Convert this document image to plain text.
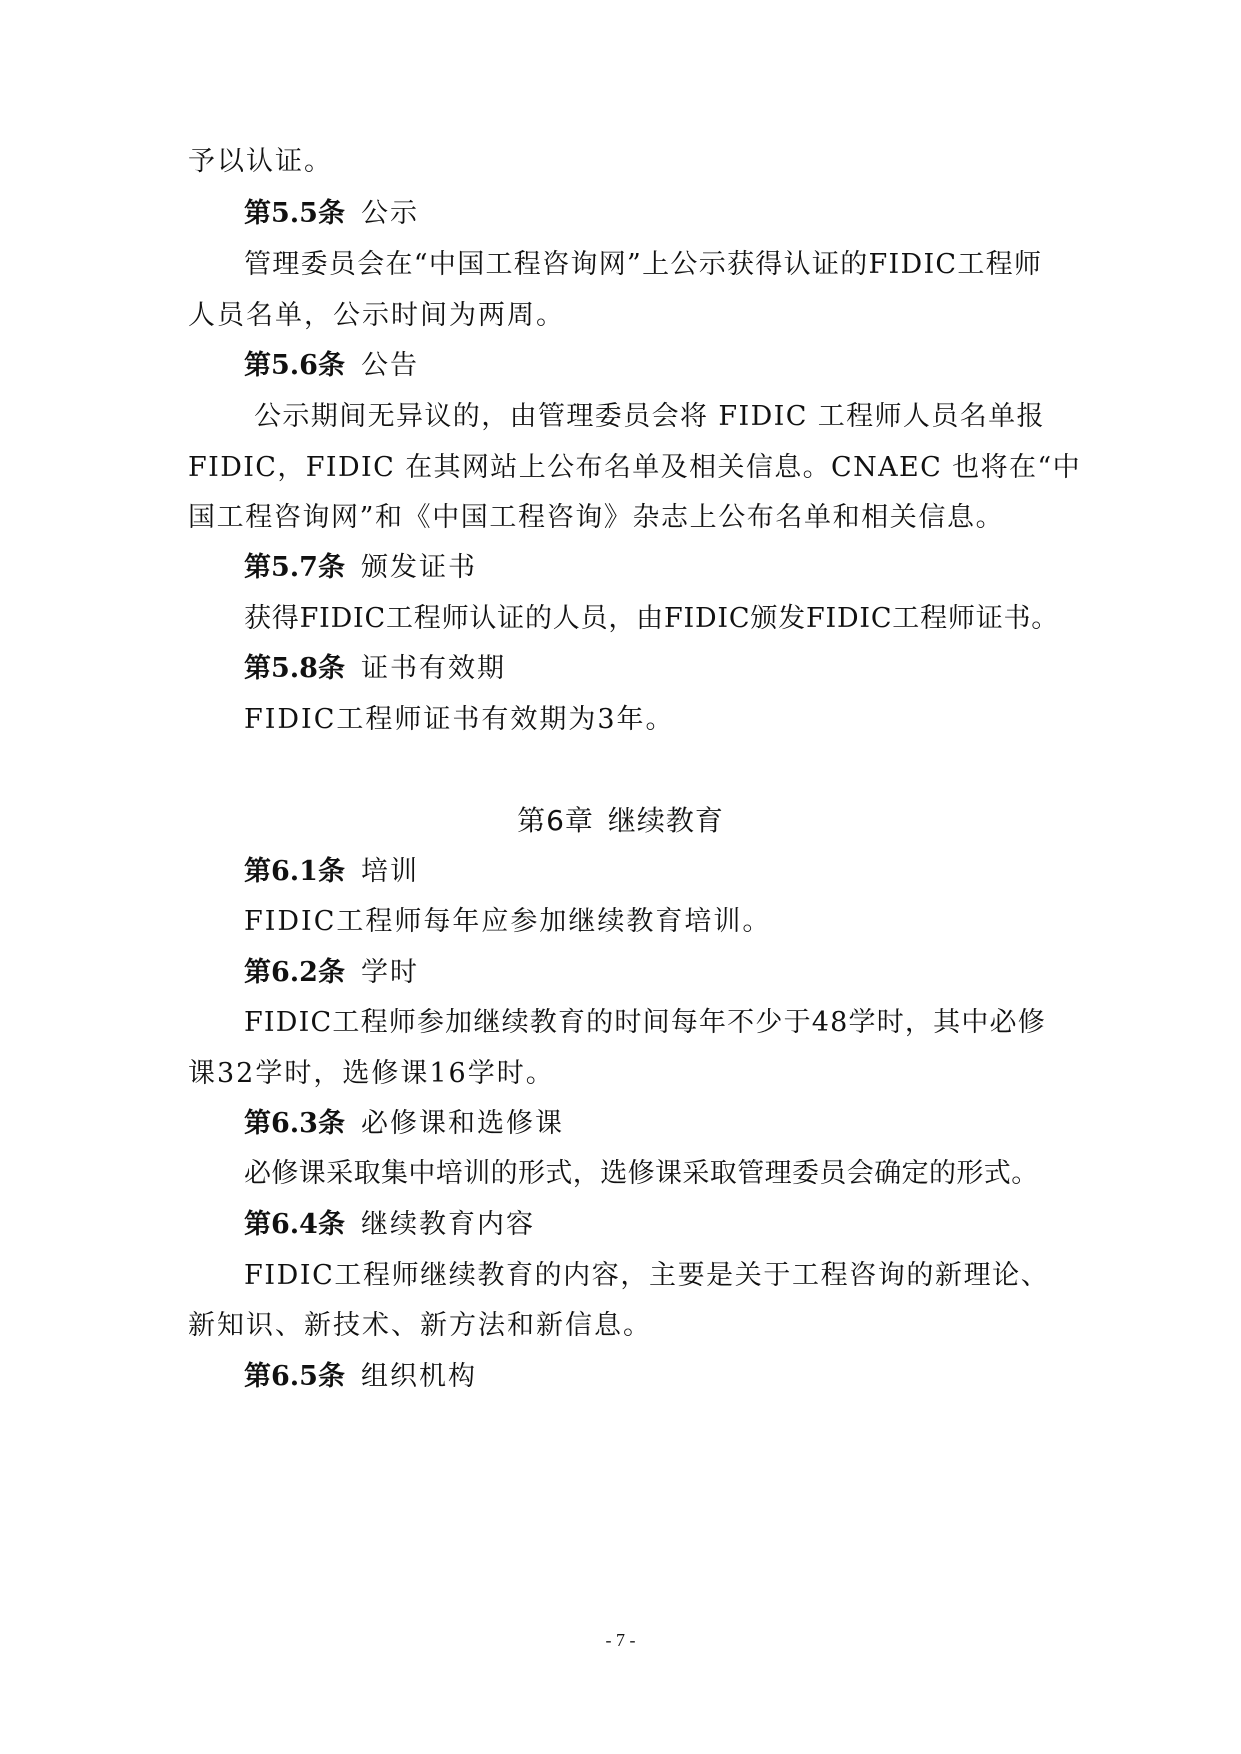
予以认证。
第5.5条 公示
管理委员会在“中国工程咨询网”上公示获得认证的FIDIC工程师
人员名单，公示时间为两周。
第5.6条 公告
公示期间无异议的，由管理委员会将 FIDIC 工程师人员名单报
FIDIC，FIDIC 在其网站上公布名单及相关信息。CNAEC 也将在“中
国工程咨询网”和《中国工程咨询》杂志上公布名单和相关信息。
第5.7条 颁发证书
获得FIDIC工程师认证的人员，由FIDIC颁发FIDIC工程师证书。
第5.8条 证书有效期
FIDIC工程师证书有效期为3年。
第6章 继续教育
第6.1条 培训
FIDIC工程师每年应参加继续教育培训。
第6.2条 学时
FIDIC工程师参加继续教育的时间每年不少于48学时，其中必修
课32学时，选修课16学时。
第6.3条 必修课和选修课
必修课采取集中培训的形式，选修课采取管理委员会确定的形式。
第6.4条 继续教育内容
FIDIC工程师继续教育的内容，主要是关于工程咨询的新理论、
新知识、新技术、新方法和新信息。
第6.5条 组织机构
- 7 -
